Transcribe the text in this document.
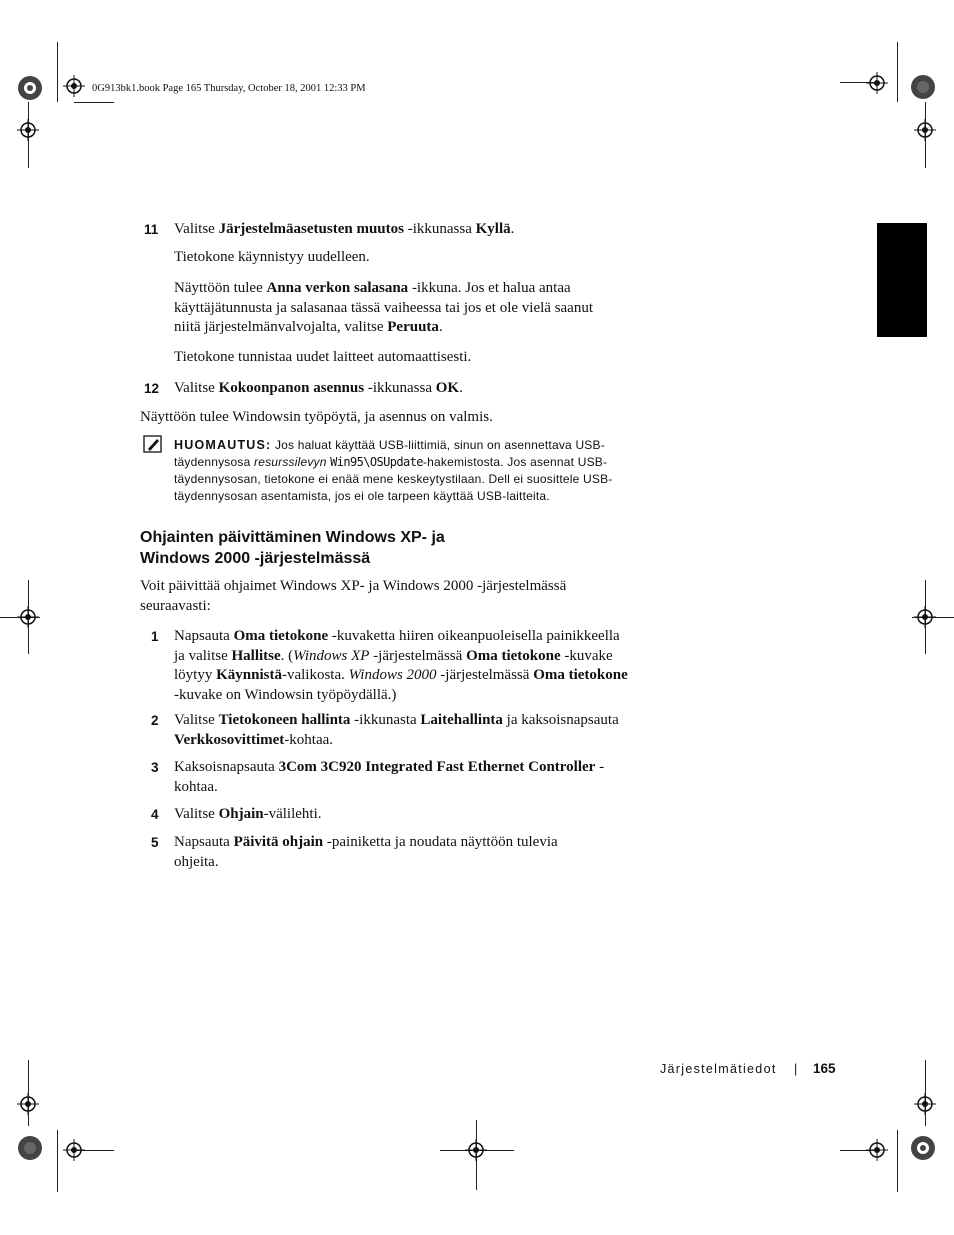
0G913bk1.book Page 165 Thursday, October 18, 2001 12:33 PM
11 Valitse Järjestelmäasetusten muutos -ikkunassa Kyllä.

Tietokone käynnistyy uudelleen.

Näyttöön tulee Anna verkon salasana -ikkuna. Jos et halua antaa käyttäjätunnusta ja salasanaa tässä vaiheessa tai jos et ole vielä saanut niitä järjestelmänvalvojalta, valitse Peruuta.

Tietokone tunnistaa uudet laitteet automaattisesti.

12 Valitse Kokoonpanon asennus -ikkunassa OK.

Näyttöön tulee Windowsin työpöytä, ja asennus on valmis.

HUOMAUTUS: Jos haluat käyttää USB-liittimiä, sinun on asennettava USB-täydennysosa resurssilevyn Win95\OSUpdate-hakemistosta. Jos asennat USB-täydennysosan, tietokone ei enää mene keskeytystilaan. Dell ei suosittele USB-täydennysosan asentamista, jos ei ole tarpeen käyttää USB-laitteita.
Ohjainten päivittäminen Windows XP- ja
Windows 2000 -järjestelmässä

Voit päivittää ohjaimet Windows XP- ja Windows 2000 -järjestelmässä seuraavasti:

1 Napsauta Oma tietokone -kuvaketta hiiren oikeanpuoleisella painikkeella ja valitse Hallitse. (Windows XP -järjestelmässä Oma tietokone -kuvake löytyy Käynnistä-valikosta. Windows 2000 -järjestelmässä Oma tietokone -kuvake on Windowsin työpöydällä.)

2 Valitse Tietokoneen hallinta -ikkunasta Laitehallinta ja kaksoisnapsauta Verkkosovittimet-kohtaa.

3 Kaksoisnapsauta 3Com 3C920 Integrated Fast Ethernet Controller -kohtaa.

4 Valitse Ohjain-välilehti.

5 Napsauta Päivitä ohjain -painiketta ja noudata näyttöön tulevia ohjeita.

Järjestelmätiedot | 165
